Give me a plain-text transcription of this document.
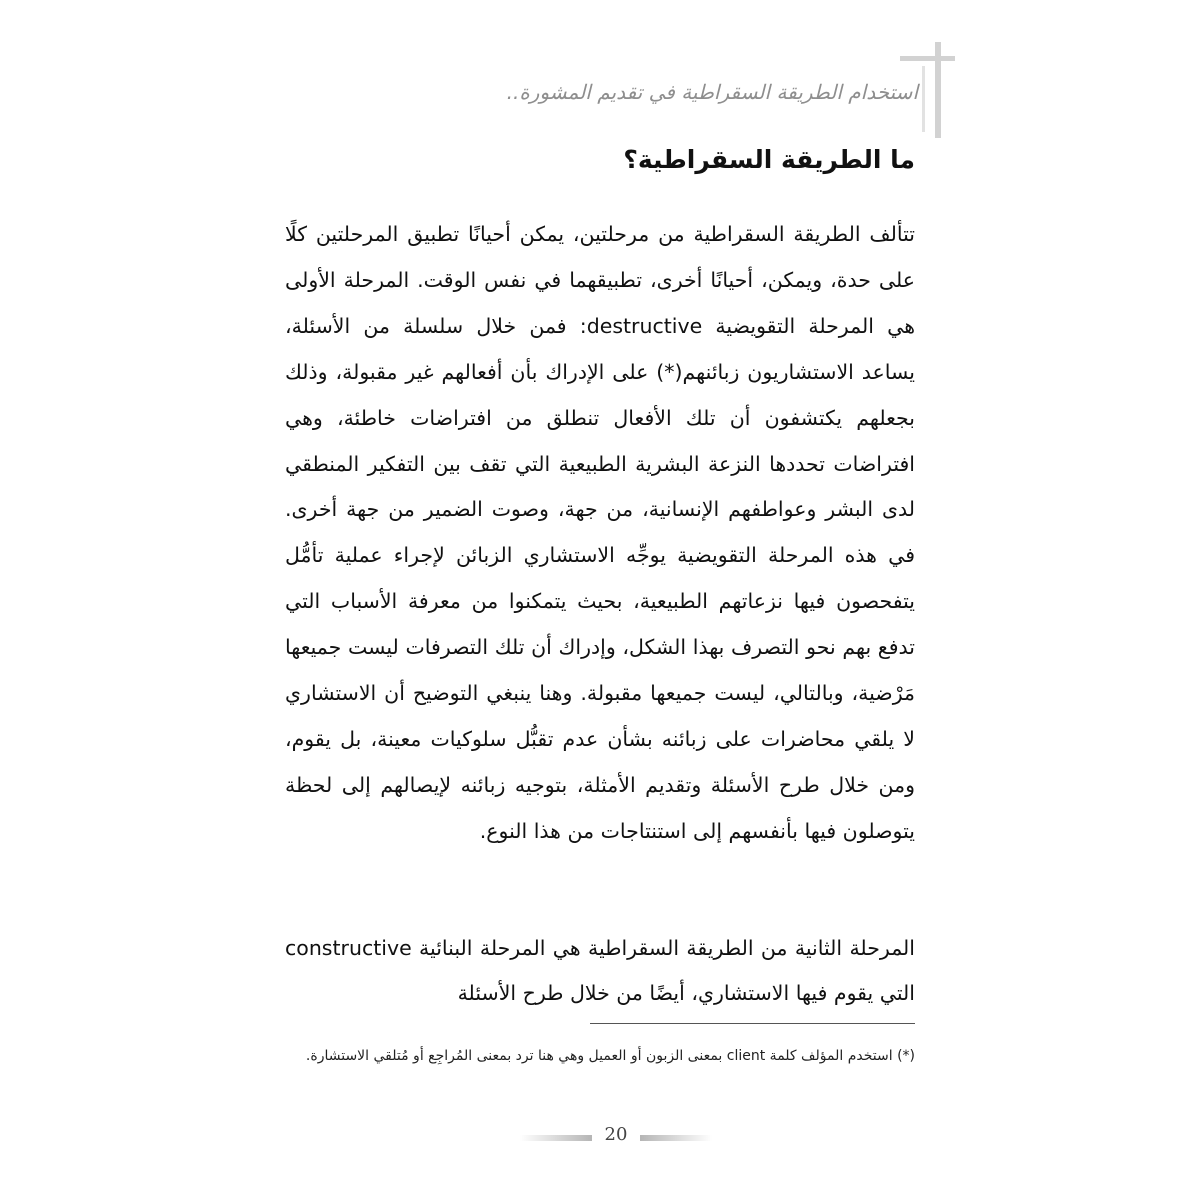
استخدام الطريقة السقراطية في تقديم المشورة..
ما الطريقة السقراطية؟

تتألف الطريقة السقراطية من مرحلتين، يمكن أحيانًا تطبيق المرحلتين كلًا على حدة، ويمكن، أحيانًا أخرى، تطبيقهما في نفس الوقت. المرحلة الأولى هي المرحلة التقويضية destructive: فمن خلال سلسلة من الأسئلة، يساعد الاستشاريون زبائنهم(*) على الإدراك بأن أفعالهم غير مقبولة، وذلك بجعلهم يكتشفون أن تلك الأفعال تنطلق من افتراضات خاطئة، وهي افتراضات تحددها النزعة البشرية الطبيعية التي تقف بين التفكير المنطقي لدى البشر وعواطفهم الإنسانية، من جهة، وصوت الضمير من جهة أخرى. في هذه المرحلة التقويضية يوجِّه الاستشاري الزبائن لإجراء عملية تأمُّل يتفحصون فيها نزعاتهم الطبيعية، بحيث يتمكنوا من معرفة الأسباب التي تدفع بهم نحو التصرف بهذا الشكل، وإدراك أن تلك التصرفات ليست جميعها مَرْضية، وبالتالي، ليست جميعها مقبولة. وهنا ينبغي التوضيح أن الاستشاري لا يلقي محاضرات على زبائنه بشأن عدم تقبُّل سلوكيات معينة، بل يقوم، ومن خلال طرح الأسئلة وتقديم الأمثلة، بتوجيه زبائنه لإيصالهم إلى لحظة يتوصلون فيها بأنفسهم إلى استنتاجات من هذا النوع.

المرحلة الثانية من الطريقة السقراطية هي المرحلة البنائية constructive التي يقوم فيها الاستشاري، أيضًا من خلال طرح الأسئلة

(*) استخدم المؤلف كلمة client بمعنى الزبون أو العميل وهي هنا ترد بمعنى المُراجِع أو مُتلقي الاستشارة.

20
